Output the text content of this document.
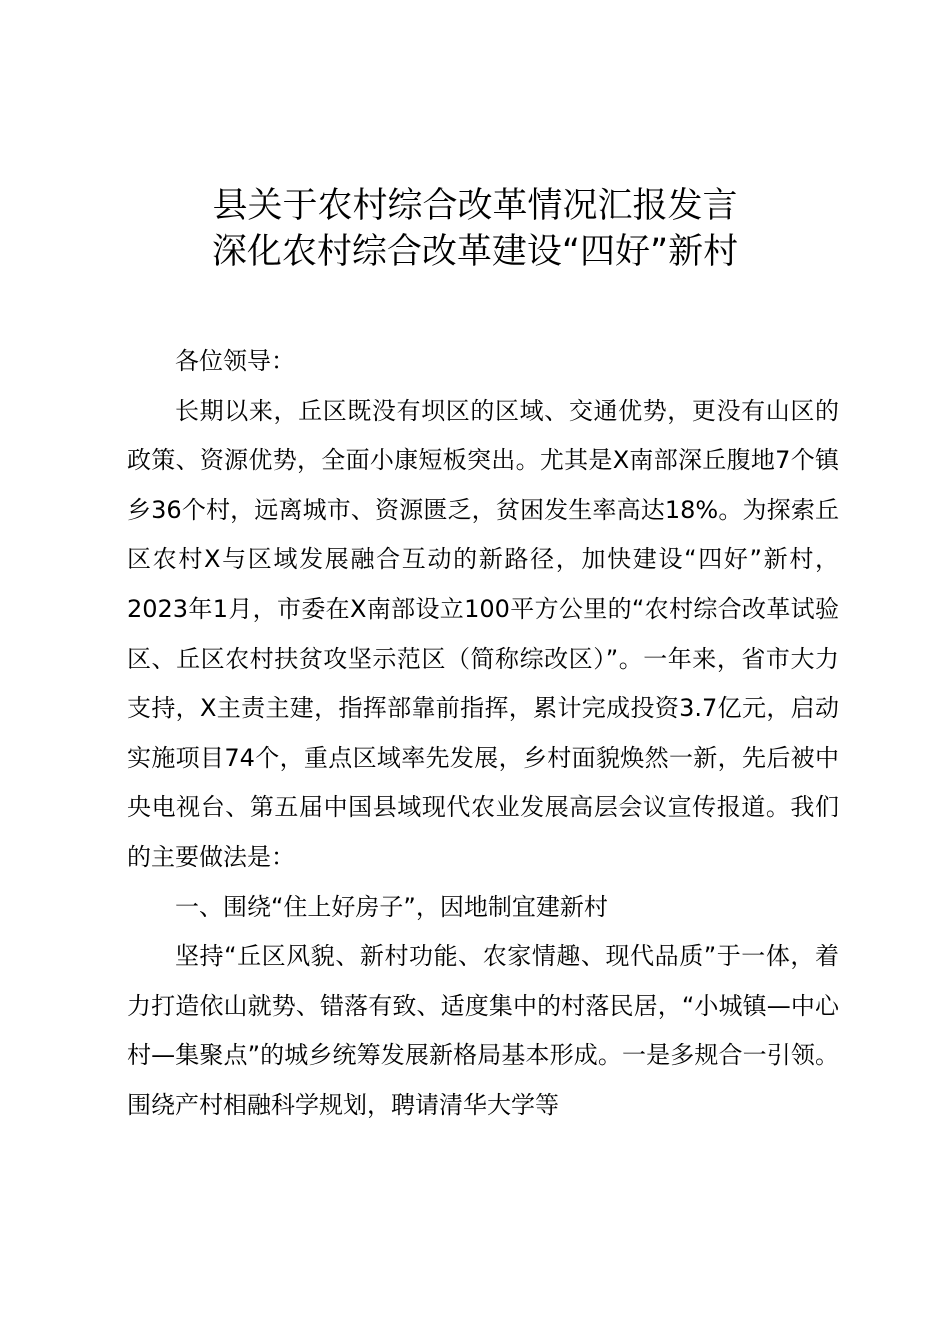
县关于农村综合改革情况汇报发言
深化农村综合改革建设“四好”新村

各位领导：

长期以来，丘区既没有坝区的区域、交通优势，更没有山区的政策、资源优势，全面小康短板突出。尤其是X南部深丘腹地7个镇乡36个村，远离城市、资源匮乏，贫困发生率高达18%。为探索丘区农村X与区域发展融合互动的新路径，加快建设“四好”新村，2023年1月，市委在X南部设立100平方公里的“农村综合改革试验区、丘区农村扶贫攻坚示范区（简称综改区）”。一年来，省市大力支持，X主责主建，指挥部靠前指挥，累计完成投资3.7亿元，启动实施项目74个，重点区域率先发展，乡村面貌焕然一新，先后被中央电视台、第五届中国县域现代农业发展高层会议宣传报道。我们的主要做法是：

一、围绕“住上好房子”，因地制宜建新村

坚持“丘区风貌、新村功能、农家情趣、现代品质”于一体，着力打造依山就势、错落有致、适度集中的村落民居，“小城镇—中心村—集聚点”的城乡统筹发展新格局基本形成。一是多规合一引领。围绕产村相融科学规划，聘请清华大学等
